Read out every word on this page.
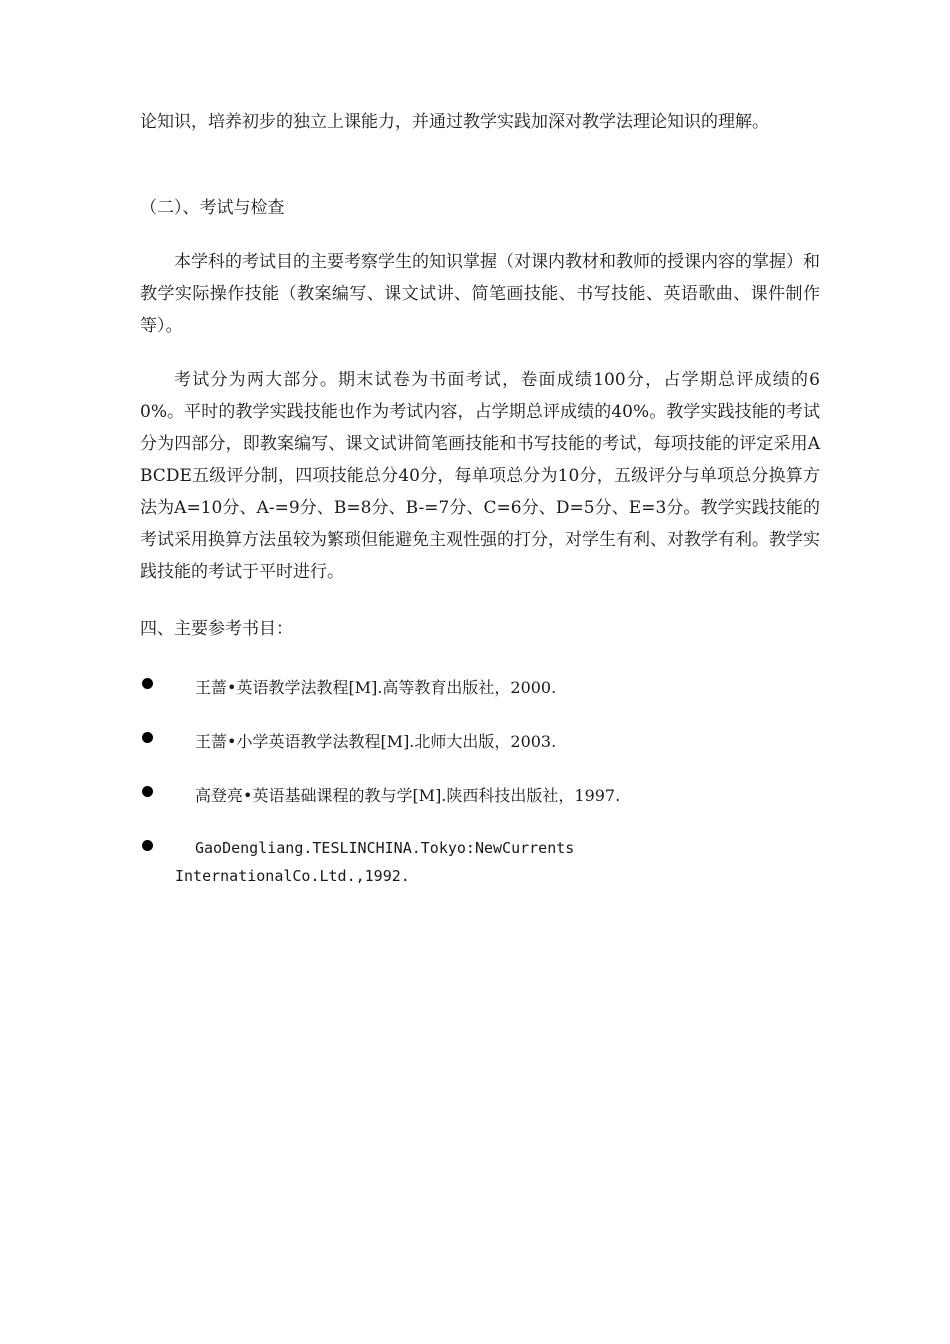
论知识，培养初步的独立上课能力，并通过教学实践加深对教学法理论知识的理解。

（二）、考试与检查

本学科的考试目的主要考察学生的知识掌握（对课内教材和教师的授课内容的掌握）和教学实际操作技能（教案编写、课文试讲、简笔画技能、书写技能、英语歌曲、课件制作等）。

考试分为两大部分。期末试卷为书面考试，卷面成绩100分，占学期总评成绩的60%。平时的教学实践技能也作为考试内容，占学期总评成绩的40%。教学实践技能的考试分为四部分，即教案编写、课文试讲简笔画技能和书写技能的考试，每项技能的评定采用ABCDE五级评分制，四项技能总分40分，每单项总分为10分，五级评分与单项总分换算方法为A=10分、A-=9分、B=8分、B-=7分、C=6分、D=5分、E=3分。教学实践技能的考试采用换算方法虽较为繁琐但能避免主观性强的打分，对学生有利、对教学有利。教学实践技能的考试于平时进行。

四、主要参考书目：

王蔷•英语教学法教程[M].高等教育出版社，2000.
王蔷•小学英语教学法教程[M].北师大出版，2003.
高登亮•英语基础课程的教与学[M].陕西科技出版社，1997.
GaoDengliang.TESLINCHINA.Tokyo:NewCurrents InternationalCo.Ltd.,1992.
